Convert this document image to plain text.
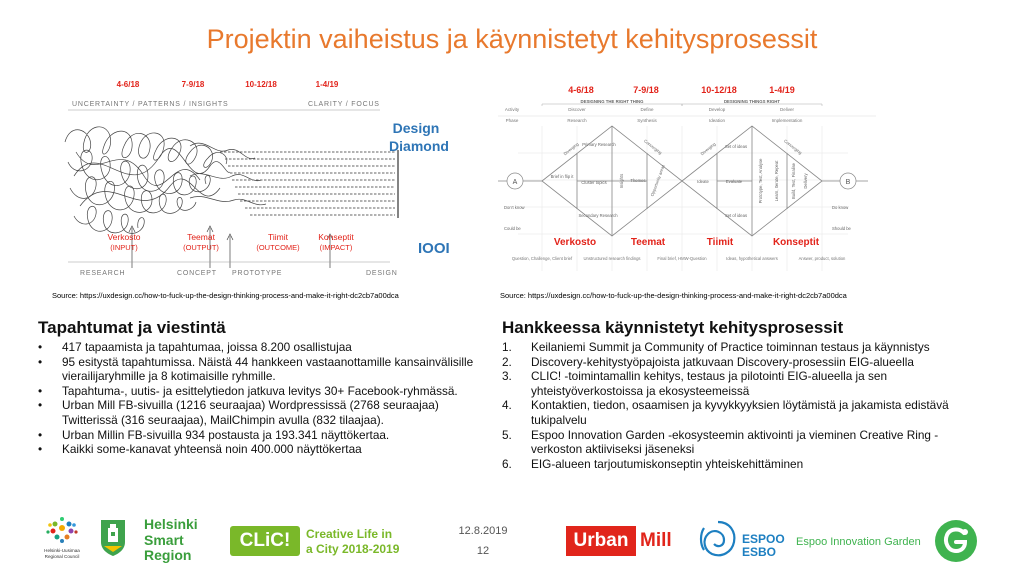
Projektin vaiheistus ja käynnistetyt kehitysprosessit
4-6/18	7-9/18	10-12/18	1-4/19
UNCERTAINTY / PATTERNS / INSIGHTS	CLARITY / FOCUS
Design
Diamond
Verkosto
(INPUT)
Teemat
(OUTPUT)
Tiimit
(OUTCOME)
Konseptit
(IMPACT)	IOOI
RESEARCH	CONCEPT PROTOTYPE	DESIGN
Source: https://uxdesign.cc/how-to-fuck-up-the-design-thinking-process-and-make-it-right-dc2cb7a00dca
4-6/18	7-9/18	10-12/18	1-4/19
DESIGNING THE RIGHT THING	DESIGNING THINGS RIGHT
Activity	Discover	Define	Develop	Deliver
Phase	Research	Synthesis	Ideation	Implementation
A	B
Don't know
Could be
Do know
Should be
Diverging Primary Research
Brief in flip it
Cluster topics
Secondary Research
Insights Themes Opportunity areas
Converging	Diverging Set of ideas
Ideate	Evaluate
Set of ideas
Prototype, Test, Analyse	Learn, Iterate, Repeat	Build, Test, Finalise Delivery
Converging
Verkosto	Teemat	Tiimit	Konseptit
Question, Challenge, Client brief	Unstructured research findings	Final brief, HMW-Question	Ideas, hypothetical answers	Answer, product, solution
Source: https://uxdesign.cc/how-to-fuck-up-the-design-thinking-process-and-make-it-right-dc2cb7a00dca
Tapahtumat ja viestintä
• 417 tapaamista ja tapahtumaa, joissa 8.200 osallistujaa
• 95 esitystä tapahtumissa. Näistä 44 hankkeen vastaanottamille kansainvälisille vierailijaryhmille ja 8 kotimaisille ryhmille.
• Tapahtuma-, uutis- ja esittelytiedon jatkuva levitys 30+ Facebook-ryhmässä.
• Urban Mill FB-sivuilla (1216 seuraajaa) Wordpressissä (2768 seuraajaa) Twitterissä (316 seuraajaa), MailChimpin avulla (832 tilaajaa).
• Urban Millin FB-sivuilla 934 postausta ja 193.341 näyttökertaa.
• Kaikki some-kanavat yhteensä noin 400.000 näyttökertaa
Hankkeessa käynnistetyt kehitysprosessit
1. Keilaniemi Summit ja Community of Practice toiminnan testaus ja käynnistys
2. Discovery-kehitystyöpajoista jatkuvaan Discovery-prosessiin EIG-alueella
3. CLIC! -toimintamallin kehitys, testaus ja pilotointi EIG-alueella ja sen yhteistyöverkostoissa ja ekosysteemeissä
4. Kontaktien, tiedon, osaamisen ja kyvykkyyksien löytämistä ja jakamista edistävä tukipalvelu
5. Espoo Innovation Garden -ekosysteemin aktivointi ja vieminen Creative Ring -verkoston aktiiviseksi jäseneksi
6. EIG-alueen tarjoutumiskonseptin yhteiskehittäminen
Helsinki-Uusimaa
Regional Council
Helsinki
Smart
Region
CLiC!	Creative Life in
a City 2018-2019
12.8.2019
12	Urban Mill	ESPOO
ESBO
Espoo Innovation Garden
